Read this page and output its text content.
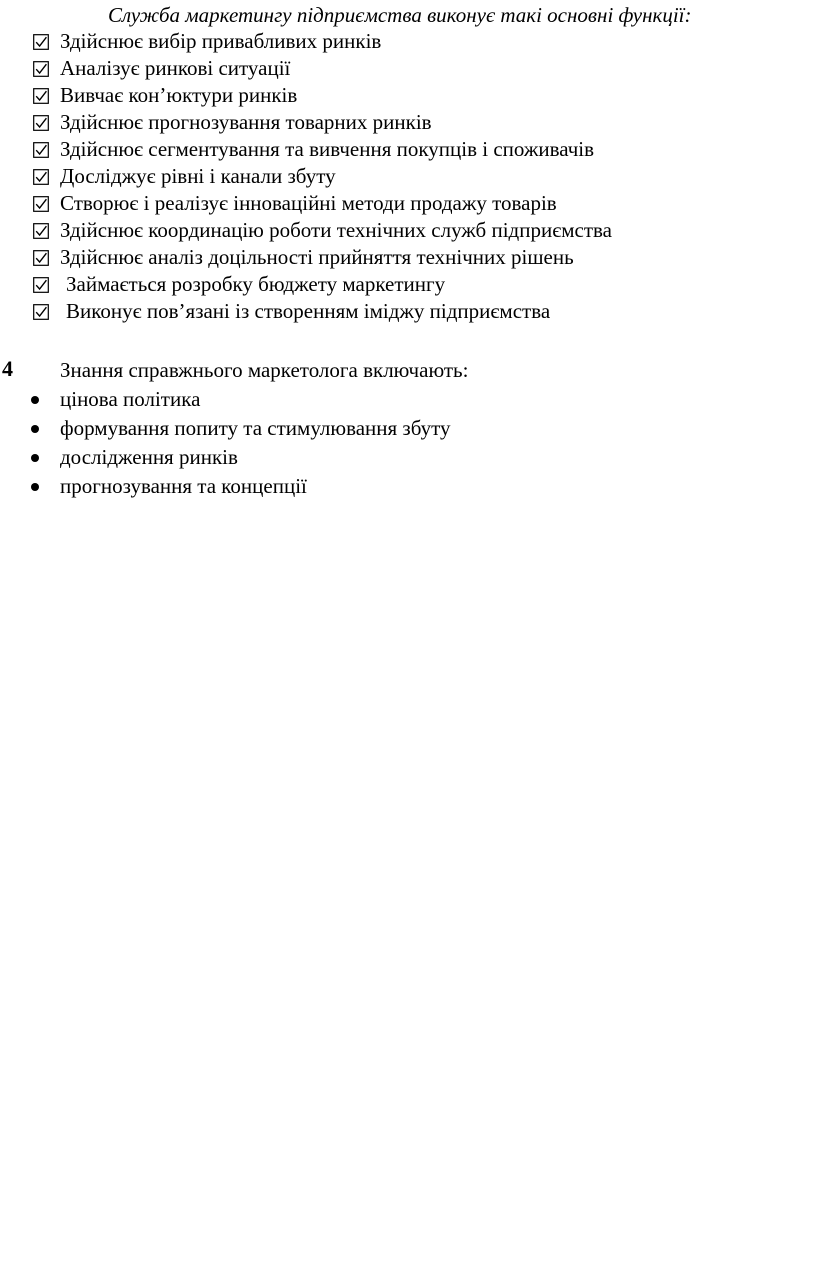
Служба маркетингу підприємства виконує такі основні функції:
Здійснює вибір привабливих ринків
Аналізує ринкові ситуації
Вивчає кон’юктури ринків
Здійснює прогнозування товарних ринків
Здійснює сегментування та вивчення покупців і споживачів
Досліджує рівні і канали збуту
Створює і реалізує інноваційні методи продажу товарів
Здійснює координацію роботи технічних служб підприємства
Здійснює аналіз доцільності прийняття технічних рішень
Займається розробку бюджету маркетингу
Виконує пов’язані із створенням іміджу підприємства
4 Знання справжнього маркетолога включають:
цінова політика
формування попиту та стимулювання збуту
дослідження ринків
прогнозування та концепції
